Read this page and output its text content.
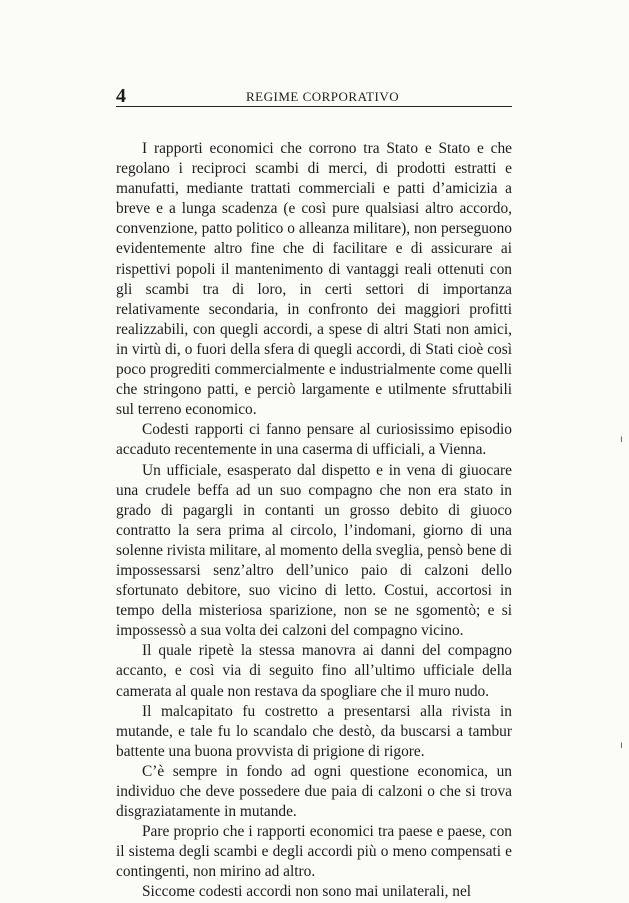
4	REGIME CORPORATIVO

I rapporti economici che corrono tra Stato e Stato e che regolano i reciproci scambi di merci, di prodotti estratti e manufatti, mediante trattati commerciali e patti d’amicizia a breve e a lunga scadenza (e così pure qualsiasi altro accordo, convenzione, patto politico o alleanza militare), non perseguono evidentemente altro fine che di facilitare e di assicurare ai rispettivi popoli il mantenimento di vantaggi reali ottenuti con gli scambi tra di loro, in certi settori di importanza relativamente secondaria, in confronto dei maggiori profitti realizzabili, con quegli accordi, a spese di altri Stati non amici, in virtù di, o fuori della sfera di quegli accordi, di Stati cioè così poco progrediti commercialmente e industrialmente come quelli che stringono patti, e perciò largamente e utilmente sfruttabili sul terreno economico.

Codesti rapporti ci fanno pensare al curiosissimo episodio accaduto recentemente in una caserma di ufficiali, a Vienna.

Un ufficiale, esasperato dal dispetto e in vena di giuocare una crudele beffa ad un suo compagno che non era stato in grado di pagargli in contanti un grosso debito di giuoco contratto la sera prima al circolo, l’indomani, giorno di una solenne rivista militare, al momento della sveglia, pensò bene di impossessarsi senz’altro dell’unico paio di calzoni dello sfortunato debitore, suo vicino di letto. Costui, accortosi in tempo della misteriosa sparizione, non se ne sgomentò; e si impossessò a sua volta dei calzoni del compagno vicino.

Il quale ripetè la stessa manovra ai danni del compagno accanto, e così via di seguito fino all’ultimo ufficiale della camerata al quale non restava da spogliare che il muro nudo.

Il malcapitato fu costretto a presentarsi alla rivista in mutande, e tale fu lo scandalo che destò, da buscarsi a tambur battente una buona provvista di prigione di rigore.

C’è sempre in fondo ad ogni questione economica, un individuo che deve possedere due paia di calzoni o che si trova disgraziatamente in mutande.

Pare proprio che i rapporti economici tra paese e paese, con il sistema degli scambi e degli accordi più o meno compensati e contingenti, non mirino ad altro.

Siccome codesti accordi non sono mai unilaterali, nel

ı
ı
